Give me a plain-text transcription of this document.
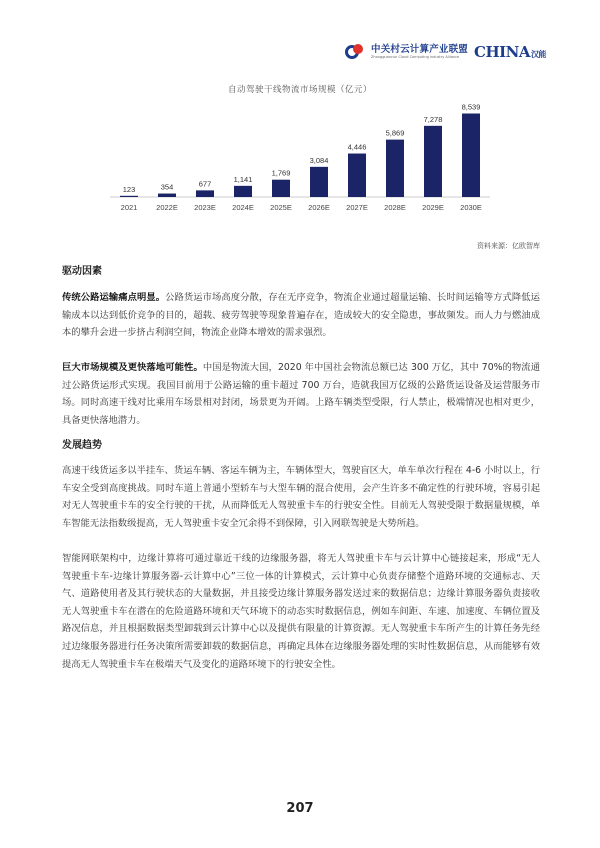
中关村云计算产业联盟
Zhongguancun Cloud Computing Industry Alliance CHINA 汉能
自动驾驶干线物流市场规模（亿元）
123
2021
354
2022E
677
2023E
1,141
2024E
1,769
2025E
3,084
2026E
4,446
2027E
5,869
2028E
7,278
2029E
8,539
2030E
资料来源：亿欧智库
驱动因素
传统公路运输痛点明显。公路货运市场高度分散，存在无序竞争，物流企业通过超量运输、长时间运输等方式降低运输成本以达到低价竞争的目的，超载、疲劳驾驶等现象普遍存在，造成较大的安全隐患，事故频发。而人力与燃油成本的攀升会进一步挤占利润空间，物流企业降本增效的需求强烈。
巨大市场规模及更快落地可能性。中国是物流大国，2020 年中国社会物流总额已达 300 万亿，其中 70%的物流通过公路货运形式实现。我国目前用于公路运输的重卡超过 700 万台，造就我国万亿级的公路货运设备及运营服务市场。同时高速干线对比乘用车场景相对封闭，场景更为开阔。上路车辆类型受限，行人禁止，极端情况也相对更少，具备更快落地潜力。
发展趋势
高速干线货运多以半挂车、货运车辆、客运车辆为主，车辆体型大，驾驶盲区大，单车单次行程在 4-6 小时以上，行车安全受到高度挑战。同时车道上普通小型轿车与大型车辆的混合使用，会产生许多不确定性的行驶环境，容易引起对无人驾驶重卡车的安全行驶的干扰，从而降低无人驾驶重卡车的行驶安全性。目前无人驾驶受限于数据量规模，单车智能无法指数级提高，无人驾驶重卡安全冗余得不到保障，引入网联驾驶是大势所趋。
智能网联架构中，边缘计算将可通过靠近干线的边缘服务器，将无人驾驶重卡车与云计算中心链接起来，形成“无人驾驶重卡车-边缘计算服务器-云计算中心”三位一体的计算模式，云计算中心负责存储整个道路环境的交通标志、天气、道路使用者及其行驶状态的大量数据，并且接受边缘计算服务器发送过来的数据信息；边缘计算服务器负责接收无人驾驶重卡车在潜在的危险道路环境和天气环境下的动态实时数据信息，例如车间距、车速、加速度、车辆位置及路况信息，并且根据数据类型卸载到云计算中心以及提供有限量的计算资源。无人驾驶重卡车所产生的计算任务先经过边缘服务器进行任务决策所需要卸载的数据信息，再确定具体在边缘服务器处理的实时性数据信息，从而能够有效提高无人驾驶重卡车在极端天气及变化的道路环境下的行驶安全性。
207
